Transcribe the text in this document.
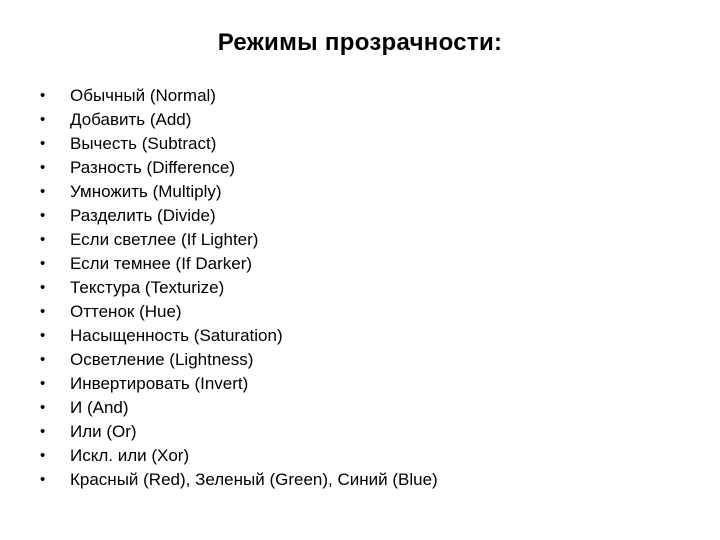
Режимы прозрачности:
•	Обычный (Normal)
•	Добавить (Add)
•	Вычесть (Subtract)
•	Разность (Difference)
•	Умножить (Multiply)
•	Разделить (Divide)
•	Если светлее (If Lighter)
•	Если темнее (If Darker)
•	Текстура (Texturize)
•	Оттенок (Hue)
•	Насыщенность (Saturation)
•	Осветление (Lightness)
•	Инвертировать (Invert)
•	И (And)
•	Или (Or)
•	Искл. или (Xor)
•	Красный (Red), Зеленый (Green), Синий (Blue)
